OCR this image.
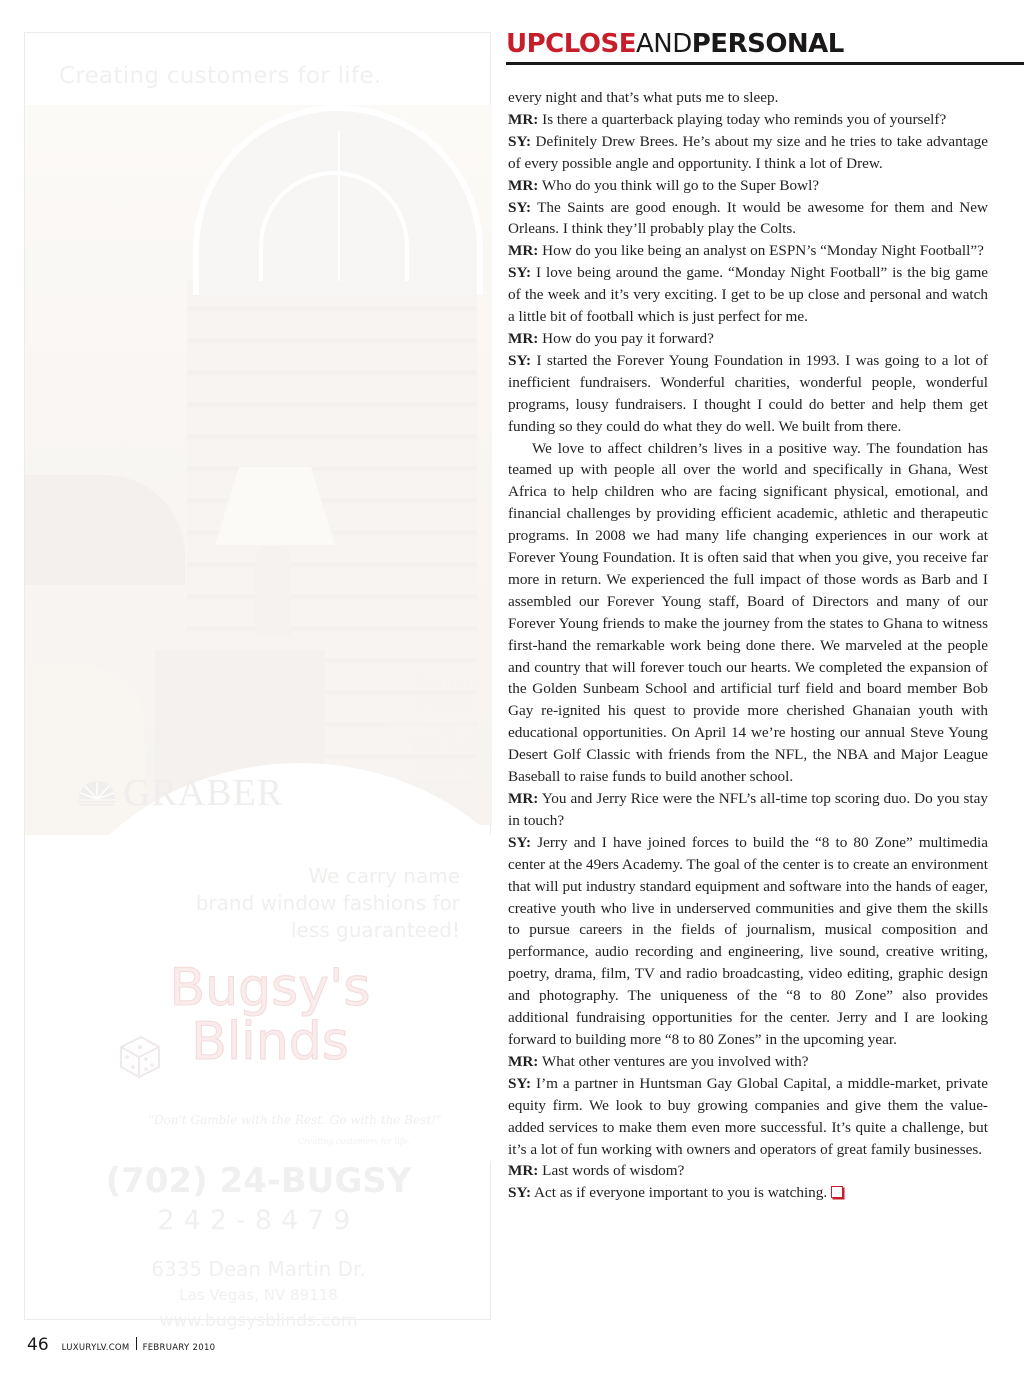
Creating customers for life.
Roman
Shades
starting at
$99 per
window
GRABER
We carry name
brand window fashions for
less guaranteed!
Bugsy's
Blinds
"Don't Gamble with the Rest. Go with the Best!"
Creating customers for life.
(702) 24-BUGSY
242-8479
6335 Dean Martin Dr.
Las Vegas, NV 89118
www.bugsysblinds.com
UPCLOSEANDPERSONAL

every night and that’s what puts me to sleep.

MR: Is there a quarterback playing today who reminds you of yourself?

SY: Definitely Drew Brees. He’s about my size and he tries to take advantage of every possible angle and opportunity. I think a lot of Drew.

MR: Who do you think will go to the Super Bowl?

SY: The Saints are good enough. It would be awesome for them and New Orleans. I think they’ll probably play the Colts.

MR: How do you like being an analyst on ESPN’s “Monday Night Football”?

SY: I love being around the game. “Monday Night Football” is the big game of the week and it’s very exciting. I get to be up close and personal and watch a little bit of football which is just perfect for me.

MR: How do you pay it forward?

SY: I started the Forever Young Foundation in 1993. I was going to a lot of inefficient fundraisers. Wonderful charities, wonderful people, wonderful programs, lousy fundraisers. I thought I could do better and help them get funding so they could do what they do well. We built from there.

We love to affect children’s lives in a positive way. The foundation has teamed up with people all over the world and specifically in Ghana, West Africa to help children who are facing significant physical, emotional, and financial challenges by providing efficient academic, athletic and therapeutic programs. In 2008 we had many life changing experiences in our work at Forever Young Foundation. It is often said that when you give, you receive far more in return. We experienced the full impact of those words as Barb and I assembled our Forever Young staff, Board of Directors and many of our Forever Young friends to make the journey from the states to Ghana to witness first-hand the remarkable work being done there. We marveled at the people and country that will forever touch our hearts. We completed the expansion of the Golden Sunbeam School and artificial turf field and board member Bob Gay re-ignited his quest to provide more cherished Ghanaian youth with educational opportunities. On April 14 we’re hosting our annual Steve Young Desert Golf Classic with friends from the NFL, the NBA and Major League Baseball to raise funds to build another school.

MR: You and Jerry Rice were the NFL’s all-time top scoring duo. Do you stay in touch?

SY: Jerry and I have joined forces to build the “8 to 80 Zone” multimedia center at the 49ers Academy. The goal of the center is to create an environment that will put industry standard equipment and software into the hands of eager, creative youth who live in underserved communities and give them the skills to pursue careers in the fields of journalism, musical composition and performance, audio recording and engineering, live sound, creative writing, poetry, drama, film, TV and radio broadcasting, video editing, graphic design and photography. The uniqueness of the “8 to 80 Zone” also provides additional fundraising opportunities for the center. Jerry and I are looking forward to building more “8 to 80 Zones” in the upcoming year.

MR: What other ventures are you involved with?

SY: I’m a partner in Huntsman Gay Global Capital, a middle-market, private equity firm. We look to buy growing companies and give them the value-added services to make them even more successful. It’s quite a challenge, but it’s a lot of fun working with owners and operators of great family businesses.

MR: Last words of wisdom?

SY: Act as if everyone important to you is watching.

46 LUXURYLV.COM FEBRUARY 2010
